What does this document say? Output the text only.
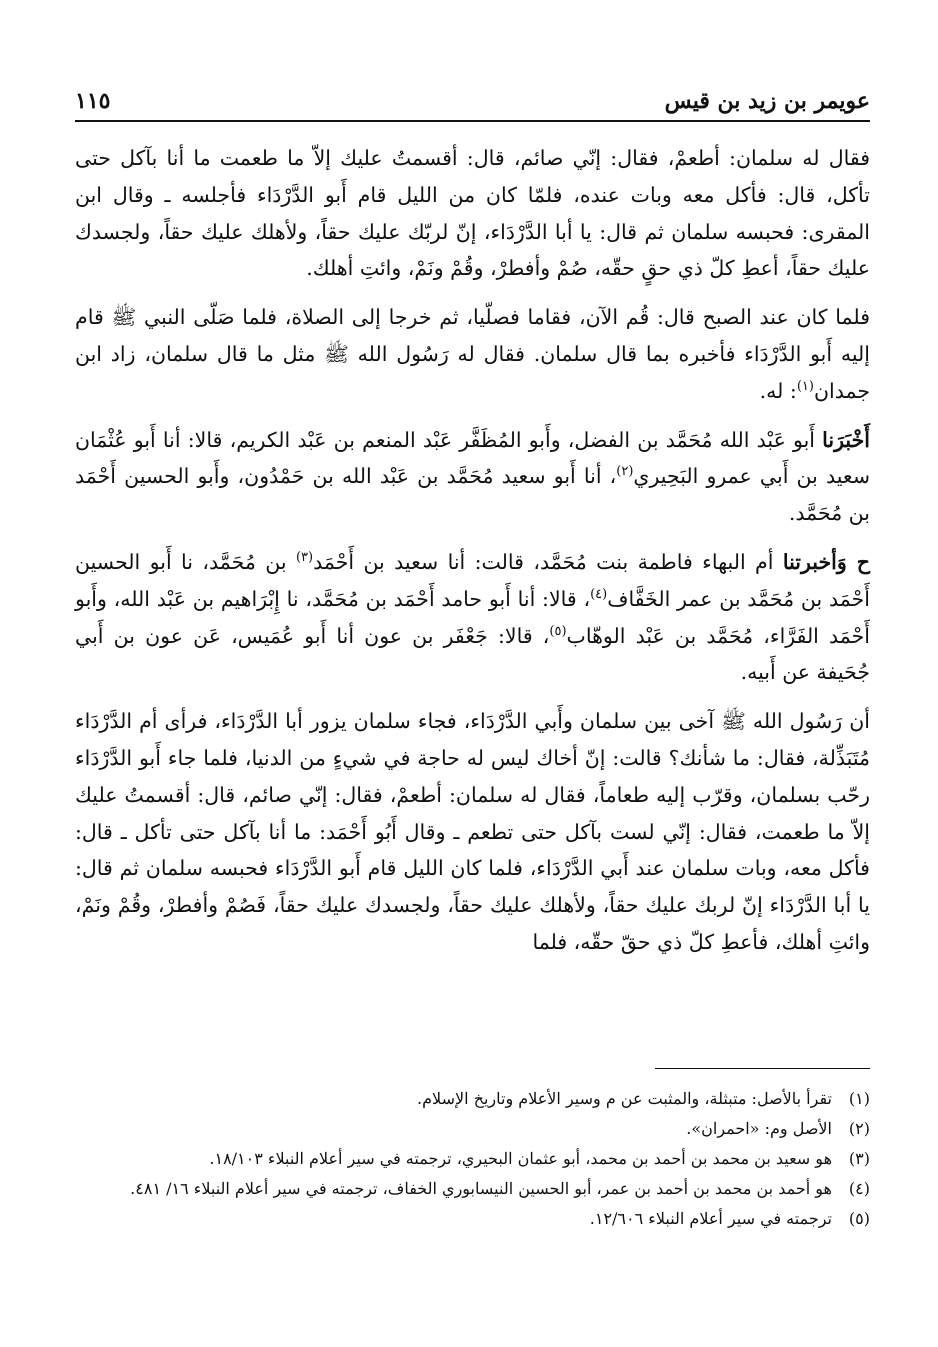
عويمر بن زيد بن قيس
١١٥

فقال له سلمان: أطعمْ، فقال: إنّي صائم، قال: أقسمتُ عليك إلاّ ما طعمت ما أنا بآكل حتى تأكل، قال: فأكل معه وبات عنده، فلمّا كان من الليل قام أَبو الدَّرْدَاء فأجلسه ـ وقال ابن المقرى: فحبسه سلمان ثم قال: يا أبا الدَّرْدَاء، إنّ لربّك عليك حقاً، ولأهلك عليك حقاً، ولجسدك عليك حقاً، أعطِ كلّ ذي حقٍ حقّه، صُمْ وأفطرْ، وقُمْ ونَمْ، وائتِ أهلك.

فلما كان عند الصبح قال: قُم الآن، فقاما فصلّيا، ثم خرجا إلى الصلاة، فلما صَلّى النبي ﷺ قام إليه أَبو الدَّرْدَاء فأخبره بما قال سلمان. فقال له رَسُول الله ﷺ مثل ما قال سلمان، زاد ابن جمدان$^{(١)}$: له.

أَخْبَرَنا أَبو عَبْد الله مُحَمَّد بن الفضل، وأَبو المُظَفَّر عَبْد المنعم بن عَبْد الكريم، قالا: أنا أَبو عُثْمَان سعيد بن أَبي عمرو البَحِيري$^{(٢)}$، أنا أَبو سعيد مُحَمَّد بن عَبْد الله بن حَمْدُون، وأَبو الحسين أَحْمَد بن مُحَمَّد.

ح وَأخبرتنا أم البهاء فاطمة بنت مُحَمَّد، قالت: أنا سعيد بن أَحْمَد$^{(٣)}$ بن مُحَمَّد، نا أَبو الحسين أَحْمَد بن مُحَمَّد بن عمر الخَفَّاف$^{(٤)}$، قالا: أنا أَبو حامد أَحْمَد بن مُحَمَّد، نا إِبْرَاهيم بن عَبْد الله، وأَبو أَحْمَد الفَرَّاء، مُحَمَّد بن عَبْد الوهّاب$^{(٥)}$، قالا: جَعْفَر بن عون أنا أَبو عُمَيس، عَن عون بن أَبي جُحَيفة عن أَبيه.

أن رَسُول الله ﷺ آخى بين سلمان وأَبي الدَّرْدَاء، فجاء سلمان يزور أبا الدَّرْدَاء، فرأى أم الدَّرْدَاء مُتَبَذِّلة، فقال: ما شأنك؟ قالت: إنّ أخاك ليس له حاجة في شيءٍ من الدنيا، فلما جاء أَبو الدَّرْدَاء رحّب بسلمان، وقرّب إليه طعاماً، فقال له سلمان: أطعمْ، فقال: إنّي صائم، قال: أقسمتُ عليك إلاّ ما طعمت، فقال: إنّي لست بآكل حتى تطعم ـ وقال أَبُو أَحْمَد: ما أنا بآكل حتى تأكل ـ قال: فأكل معه، وبات سلمان عند أَبي الدَّرْدَاء، فلما كان الليل قام أَبو الدَّرْدَاء فحبسه سلمان ثم قال: يا أبا الدَّرْدَاء إنّ لربك عليك حقاً، ولأهلك عليك حقاً، ولجسدك عليك حقاً، فَصُمْ وأفطرْ، وقُمْ ونَمْ، وائتِ أهلك، فأعطِ كلّ ذي حقّ حقّه، فلما

(١)
تقرأ بالأصل: متبثلة، والمثبت عن م وسير الأعلام وتاريخ الإسلام.
(٢)
الأصل وم: «احمران».
(٣)
هو سعيد بن محمد بن أحمد بن محمد، أبو عثمان البحيري، ترجمته في سير أعلام النبلاء ١٨/١٠٣.
(٤)
هو أحمد بن محمد بن أحمد بن عمر، أبو الحسين النيسابوري الخفاف، ترجمته في سير أعلام النبلاء ١٦/ ٤٨١.
(٥)
ترجمته في سير أعلام النبلاء ١٢/٦٠٦.
